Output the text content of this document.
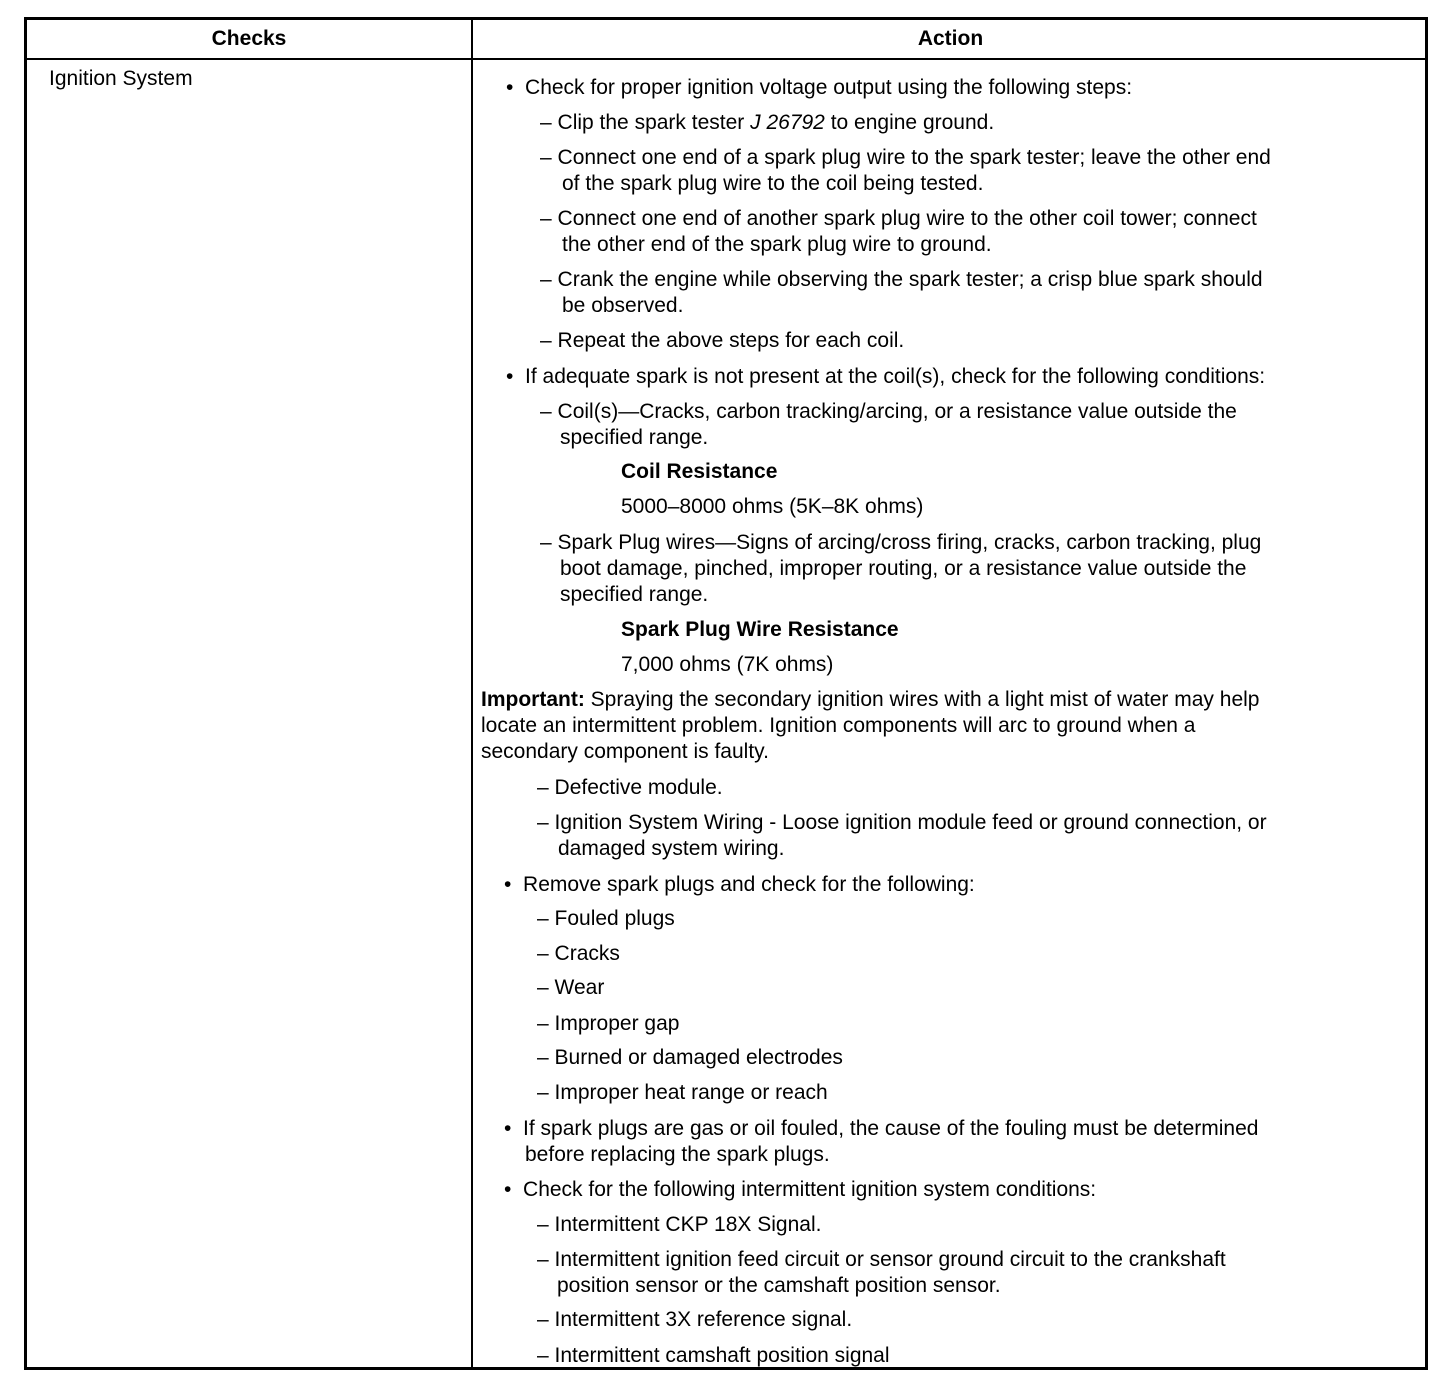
Checks	Action
Ignition System	• Check for proper ignition voltage output using the following steps:
– Clip the spark tester J 26792 to engine ground.
– Connect one end of a spark plug wire to the spark tester; leave the other end
of the spark plug wire to the coil being tested.
– Connect one end of another spark plug wire to the other coil tower; connect
the other end of the spark plug wire to ground.
– Crank the engine while observing the spark tester; a crisp blue spark should
be observed.
– Repeat the above steps for each coil.
• If adequate spark is not present at the coil(s), check for the following conditions:
– Coil(s)—Cracks, carbon tracking/arcing, or a resistance value outside the
specified range.
Coil Resistance
5000–8000 ohms (5K–8K ohms)
– Spark Plug wires—Signs of arcing/cross firing, cracks, carbon tracking, plug
boot damage, pinched, improper routing, or a resistance value outside the
specified range.
Spark Plug Wire Resistance
7,000 ohms (7K ohms)
Important: Spraying the secondary ignition wires with a light mist of water may help
locate an intermittent problem. Ignition components will arc to ground when a
secondary component is faulty.
– Defective module.
– Ignition System Wiring - Loose ignition module feed or ground connection, or
damaged system wiring.
• Remove spark plugs and check for the following:
– Fouled plugs
– Cracks
– Wear
– Improper gap
– Burned or damaged electrodes
– Improper heat range or reach
• If spark plugs are gas or oil fouled, the cause of the fouling must be determined
before replacing the spark plugs.
• Check for the following intermittent ignition system conditions:
– Intermittent CKP 18X Signal.
– Intermittent ignition feed circuit or sensor ground circuit to the crankshaft
position sensor or the camshaft position sensor.
– Intermittent 3X reference signal.
– Intermittent camshaft position signal
